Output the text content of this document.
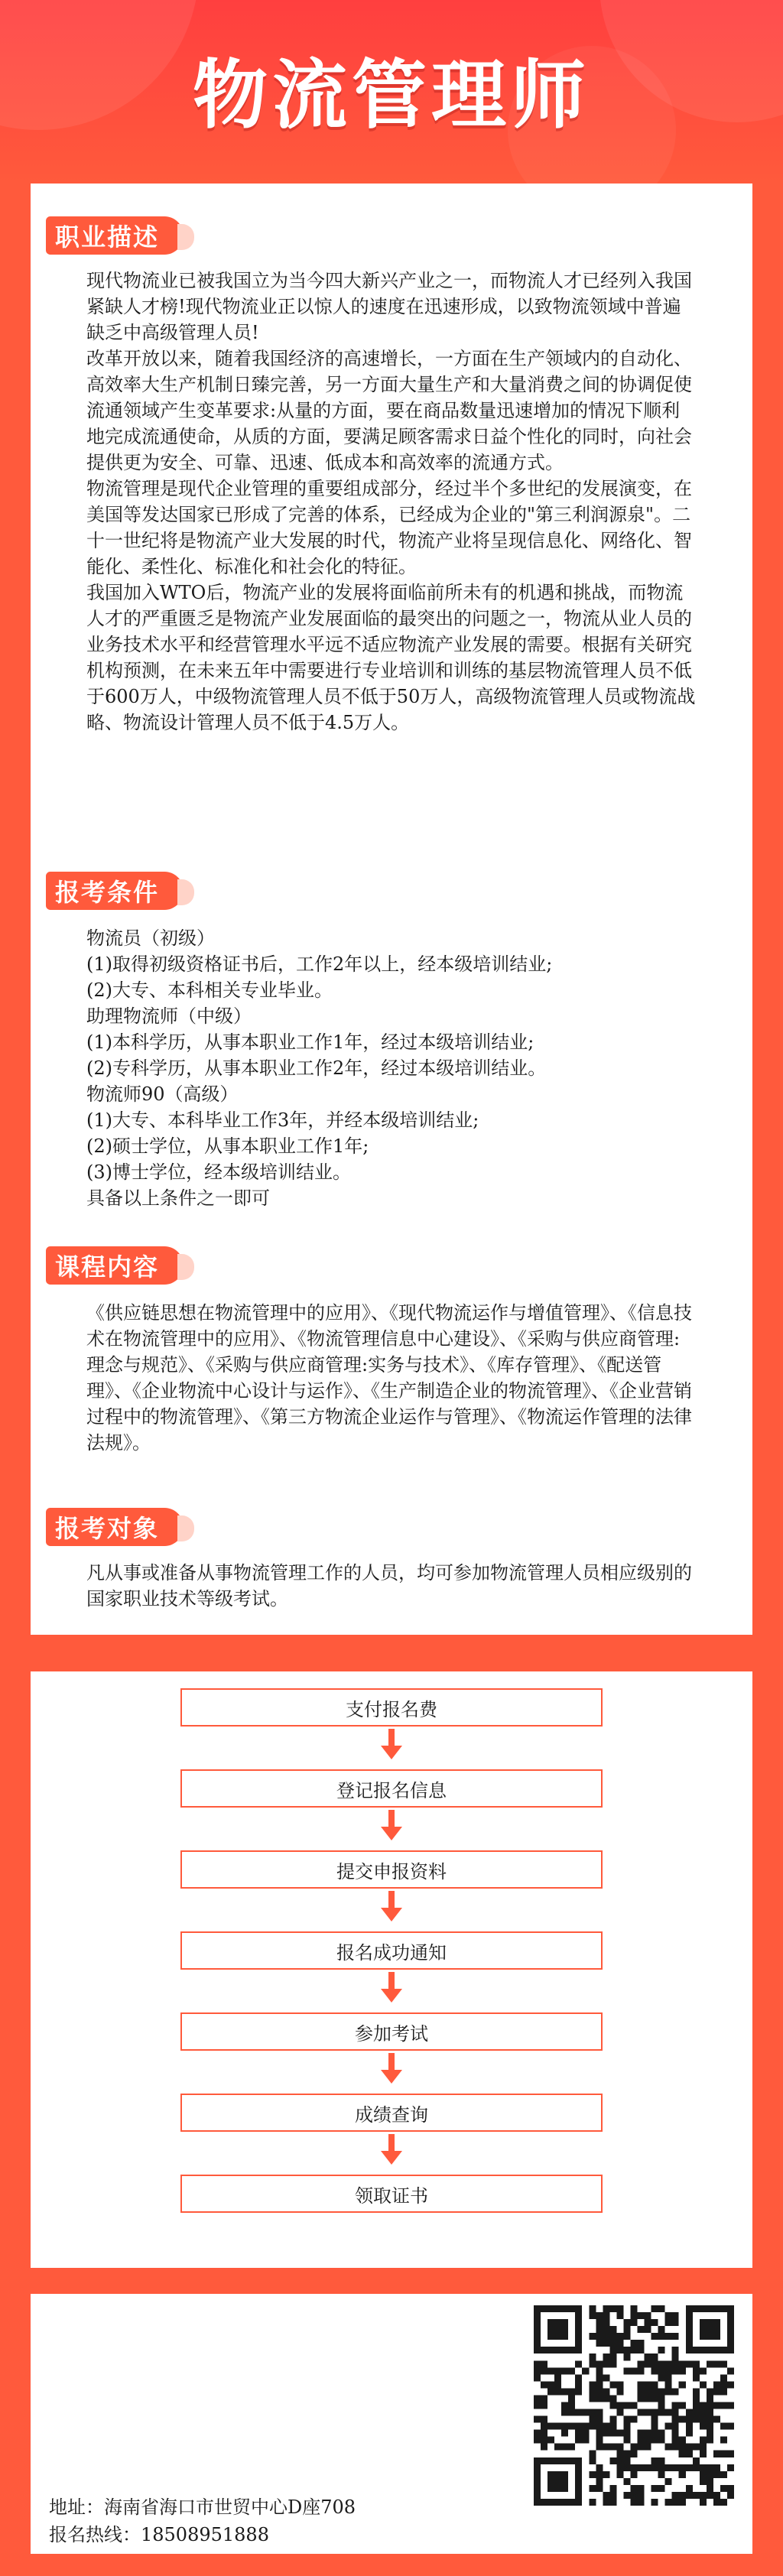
物流管理师
职业描述

现代物流业已被我国立为当今四大新兴产业之一，而物流人才已经列入我国紧缺人才榜!现代物流业正以惊人的速度在迅速形成，以致物流领域中普遍缺乏中高级管理人员!

改革开放以来，随着我国经济的高速增长，一方面在生产领域内的自动化、高效率大生产机制日臻完善，另一方面大量生产和大量消费之间的协调促使流通领域产生变革要求:从量的方面，要在商品数量迅速增加的情况下顺利地完成流通使命，从质的方面，要满足顾客需求日益个性化的同时，向社会提供更为安全、可靠、迅速、低成本和高效率的流通方式。

物流管理是现代企业管理的重要组成部分，经过半个多世纪的发展演变，在美国等发达国家已形成了完善的体系，已经成为企业的"第三利润源泉"。二十一世纪将是物流产业大发展的时代，物流产业将呈现信息化、网络化、智能化、柔性化、标准化和社会化的特征。

我国加入WTO后，物流产业的发展将面临前所未有的机遇和挑战，而物流人才的严重匮乏是物流产业发展面临的最突出的问题之一，物流从业人员的业务技术水平和经营管理水平远不适应物流产业发展的需要。根据有关研究机构预测，在未来五年中需要进行专业培训和训练的基层物流管理人员不低于600万人，中级物流管理人员不低于50万人，高级物流管理人员或物流战略、物流设计管理人员不低于4.5万人。

报考条件
物流员（初级）
(1)取得初级资格证书后，工作2年以上，经本级培训结业;
(2)大专、本科相关专业毕业。
助理物流师（中级）
(1)本科学历，从事本职业工作1年，经过本级培训结业;
(2)专科学历，从事本职业工作2年，经过本级培训结业。
物流师90（高级）
(1)大专、本科毕业工作3年，并经本级培训结业;
(2)硕士学位，从事本职业工作1年;
(3)博士学位，经本级培训结业。
具备以上条件之一即可
课程内容

《供应链思想在物流管理中的应用》、《现代物流运作与增值管理》、《信息技术在物流管理中的应用》、《物流管理信息中心建设》、《采购与供应商管理:理念与规范》、《采购与供应商管理:实务与技术》、《库存管理》、《配送管理》、《企业物流中心设计与运作》、《生产制造企业的物流管理》、《企业营销过程中的物流管理》、《第三方物流企业运作与管理》、《物流运作管理的法律法规》。

报考对象

凡从事或准备从事物流管理工作的人员，均可参加物流管理人员相应级别的国家职业技术等级考试。

支付报名费
登记报名信息
提交申报资料
报名成功通知
参加考试
成绩查询
领取证书
地址：海南省海口市世贸中心D座708
报名热线：18508951888
